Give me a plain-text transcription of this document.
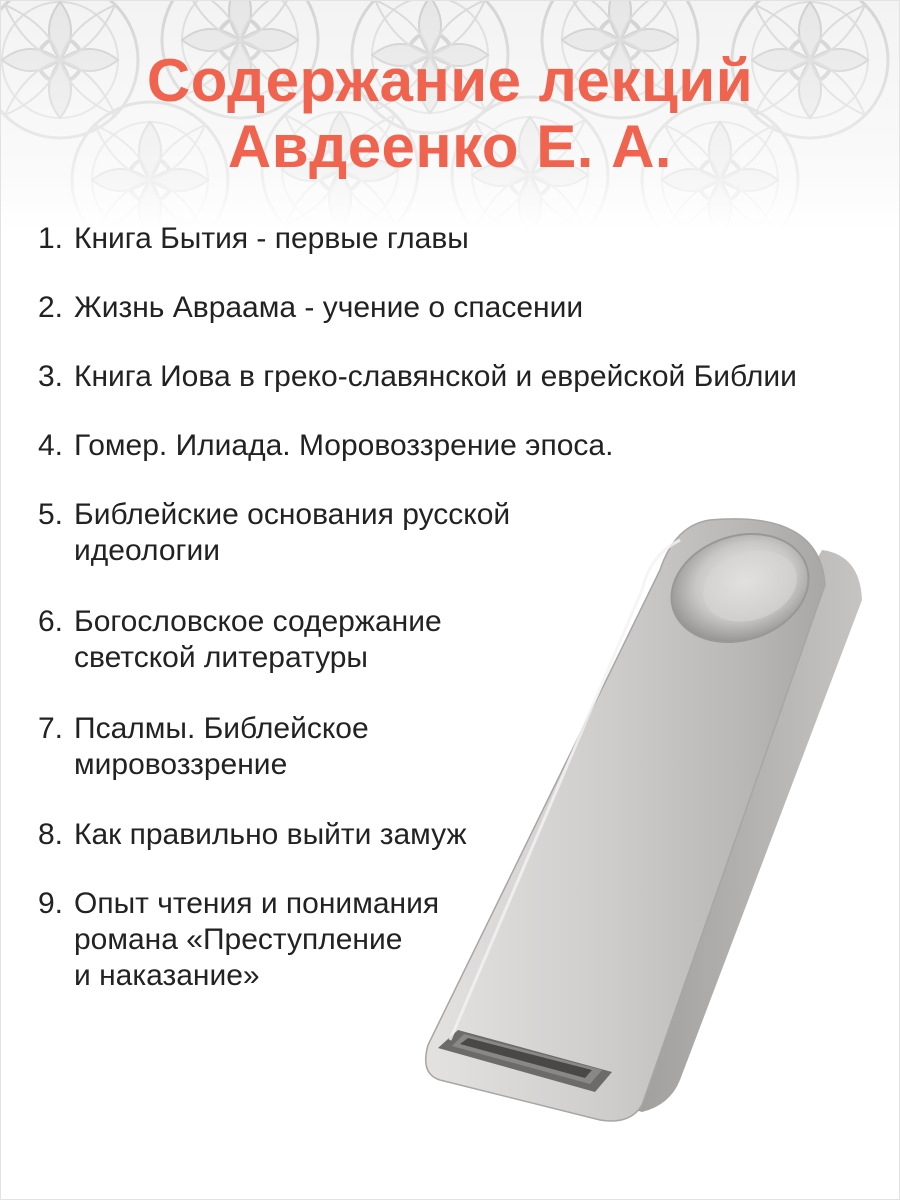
Содержание лекций
Авдеенко Е. А.
1. Книга Бытия - первые главы
2. Жизнь Авраама - учение о спасении
3. Книга Иова в греко-славянской и еврейской Библии
4. Гомер. Илиада. Моровоззрение эпоса.
5. Библейские основания русской
идеологии
6. Богословское содержание
светской литературы
7. Псалмы. Библейское
мировоззрение
8. Как правильно выйти замуж
9. Опыт чтения и понимания
романа «Преступление
и наказание»
